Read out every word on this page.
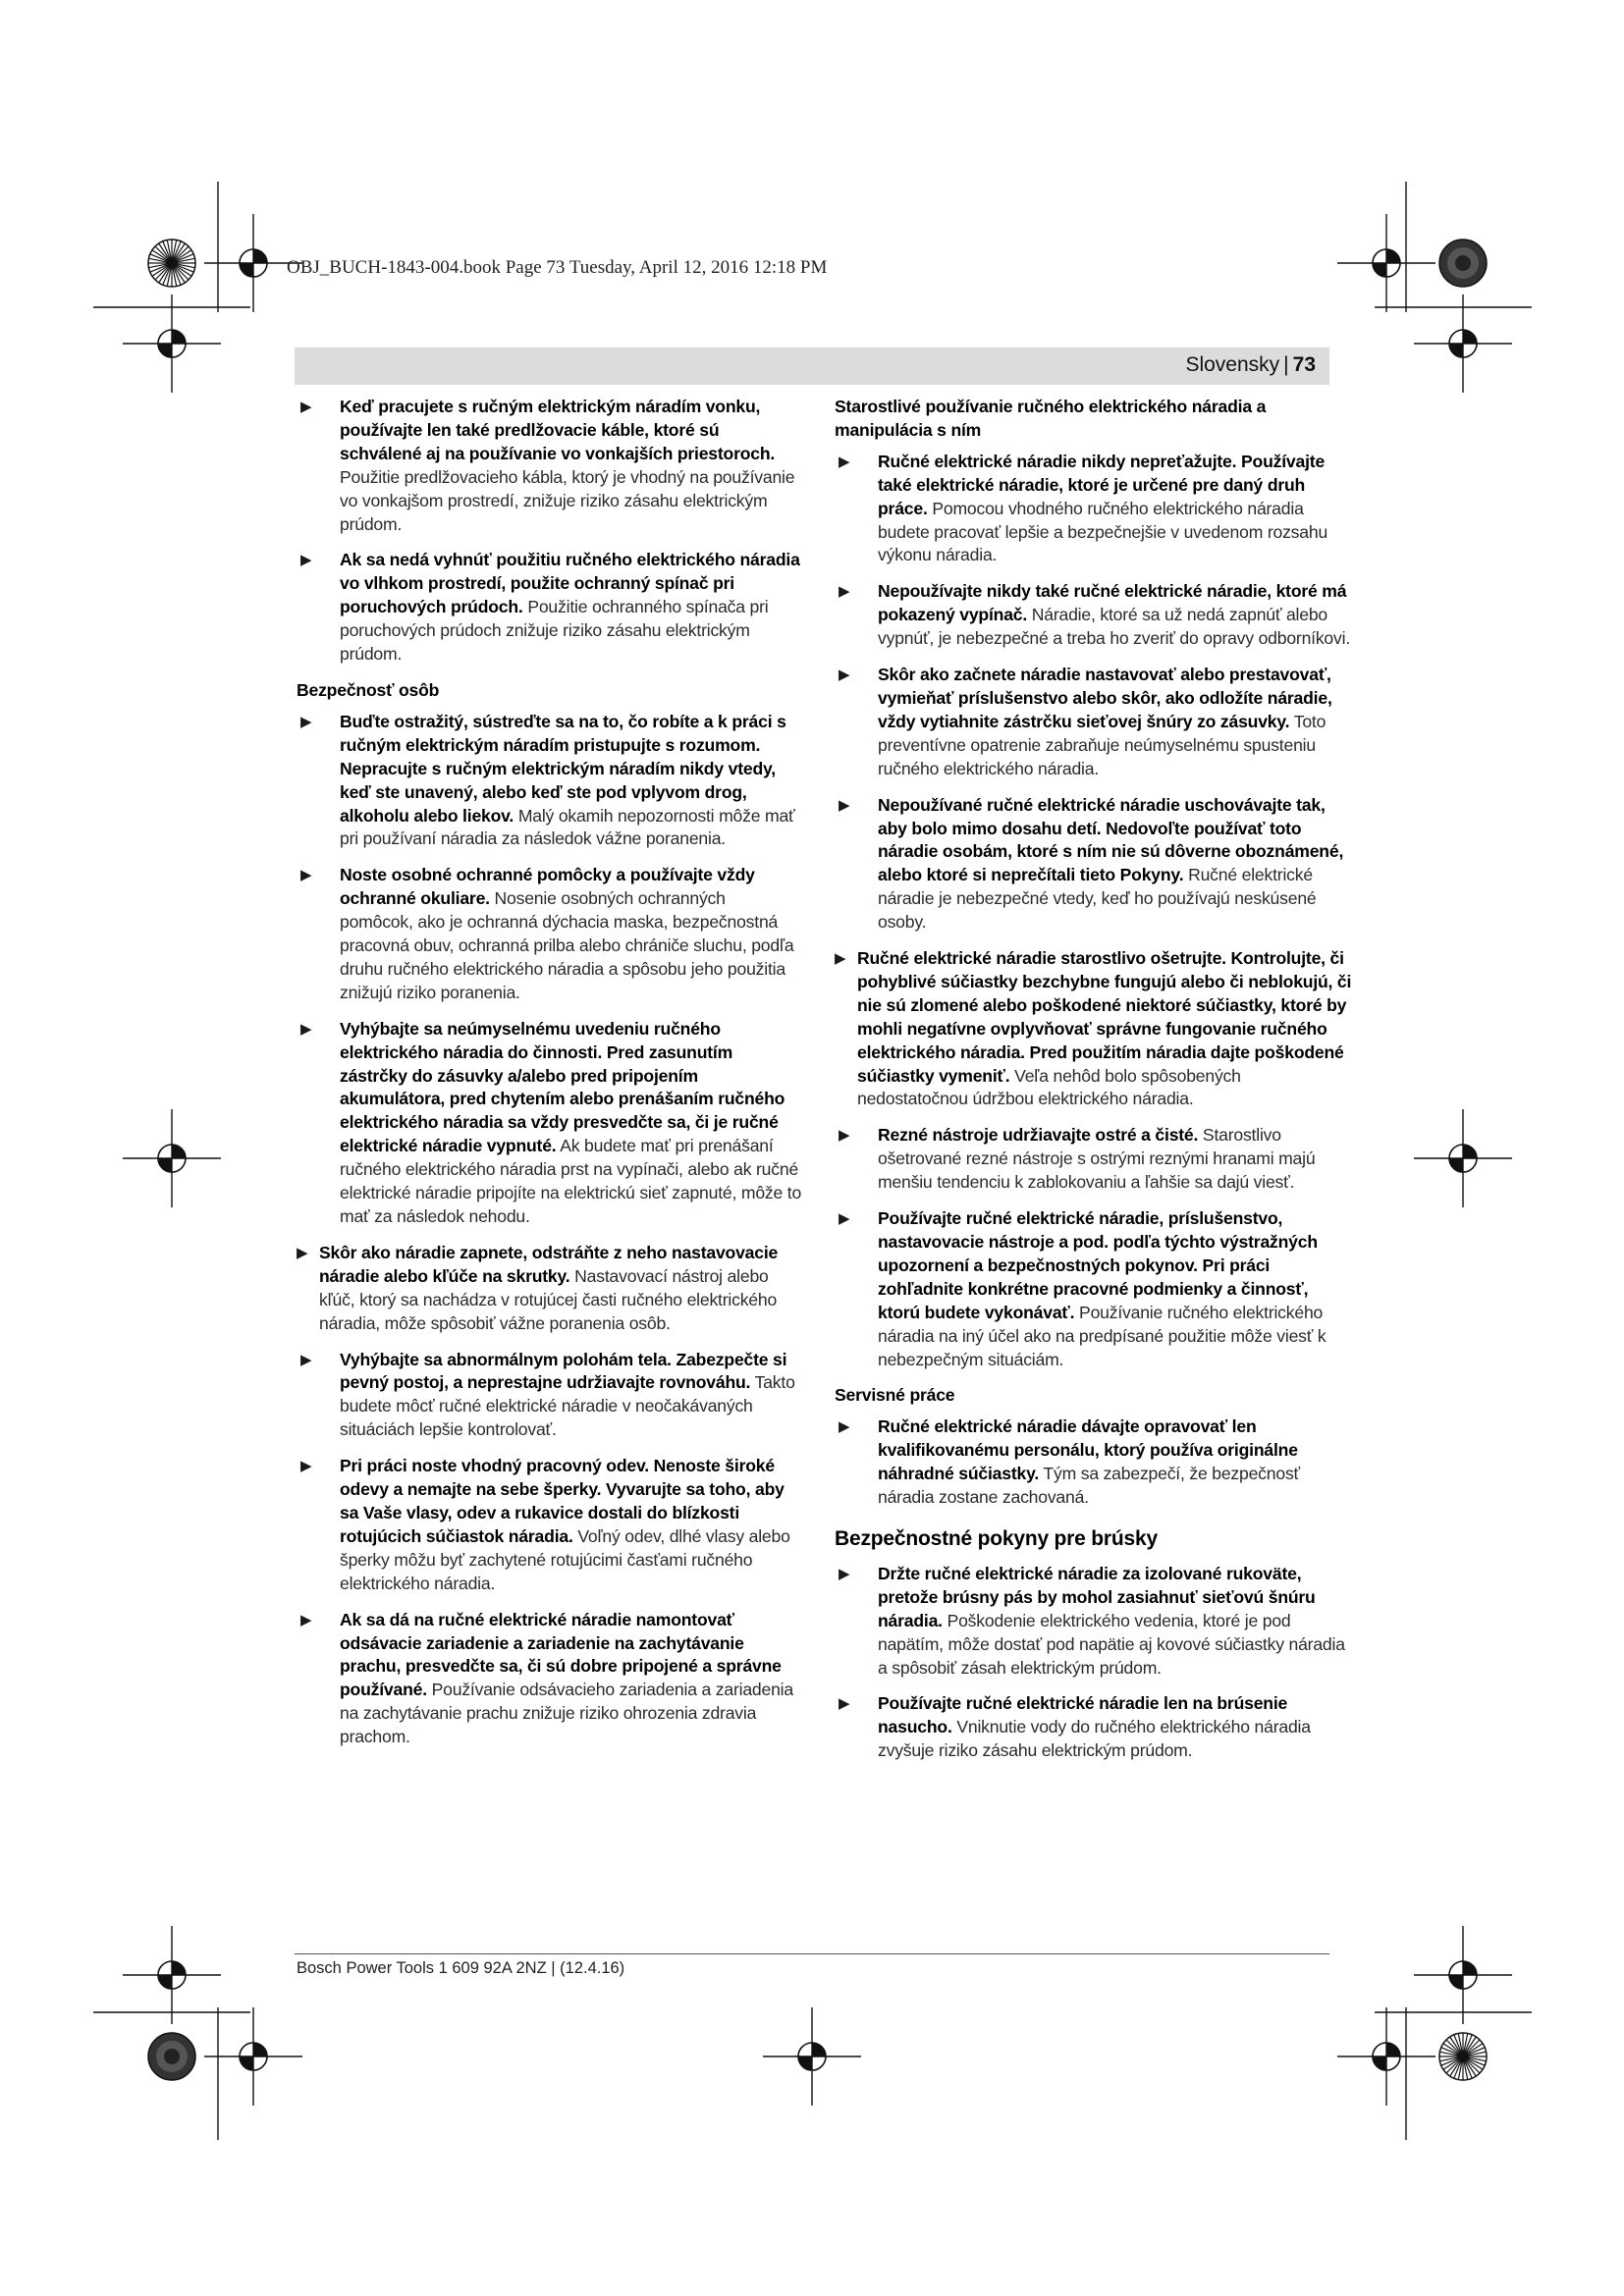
OBJ_BUCH-1843-004.book Page 73 Tuesday, April 12, 2016 12:18 PM
Slovensky | 73
▶ Keď pracujete s ručným elektrickým náradím vonku, používajte len také predlžovacie káble, ktoré sú schválené aj na používanie vo vonkajších priestoroch. Použitie predlžovacieho kábla, ktorý je vhodný na používanie vo vonkajšom prostredí, znižuje riziko zásahu elektrickým prúdom.
▶ Ak sa nedá vyhnúť použitiu ručného elektrického náradia vo vlhkom prostredí, použite ochranný spínač pri poruchových prúdoch. Použitie ochranného spínača pri poruchových prúdoch znižuje riziko zásahu elektrickým prúdom.
Bezpečnosť osôb
▶ Buďte ostražitý, sústreďte sa na to, čo robíte a k práci s ručným elektrickým náradím pristupujte s rozumom. Nepracujte s ručným elektrickým náradím nikdy vtedy, keď ste unavený, alebo keď ste pod vplyvom drog, alkoholu alebo liekov. Malý okamih nepozornosti môže mať pri používaní náradia za následok vážne poranenia.
▶ Noste osobné ochranné pomôcky a používajte vždy ochranné okuliare. Nosenie osobných ochranných pomôcok, ako je ochranná dýchacia maska, bezpečnostná pracovná obuv, ochranná prilba alebo chrániče sluchu, podľa druhu ručného elektrického náradia a spôsobu jeho použitia znižujú riziko poranenia.
▶ Vyhýbajte sa neúmyselnému uvedeniu ručného elektrického náradia do činnosti. Pred zasunutím zástrčky do zásuvky a/alebo pred pripojením akumulátora, pred chytením alebo prenášaním ručného elektrického náradia sa vždy presvedčte sa, či je ručné elektrické náradie vypnuté. Ak budete mať pri prenášaní ručného elektrického náradia prst na vypínači, alebo ak ručné elektrické náradie pripojíte na elektrickú sieť zapnuté, môže to mať za následok nehodu.
▶ Skôr ako náradie zapnete, odstráňte z neho nastavovacie náradie alebo kľúče na skrutky. Nastavovací nástroj alebo kľúč, ktorý sa nachádza v rotujúcej časti ručného elektrického náradia, môže spôsobiť vážne poranenia osôb.
▶ Vyhýbajte sa abnormálnym polohám tela. Zabezpečte si pevný postoj, a neprestajne udržiavajte rovnováhu. Takto budete môcť ručné elektrické náradie v neočakávaných situáciách lepšie kontrolovať.
▶ Pri práci noste vhodný pracovný odev. Nenoste široké odevy a nemajte na sebe šperky. Vyvarujte sa toho, aby sa Vaše vlasy, odev a rukavice dostali do blízkosti rotujúcich súčiastok náradia. Voľný odev, dlhé vlasy alebo šperky môžu byť zachytené rotujúcimi časťami ručného elektrického náradia.
▶ Ak sa dá na ručné elektrické náradie namontovať odsávacie zariadenie a zariadenie na zachytávanie prachu, presvedčte sa, či sú dobre pripojené a správne používané. Používanie odsávacieho zariadenia a zariadenia na zachytávanie prachu znižuje riziko ohrozenia zdravia prachom.
Starostlivé používanie ručného elektrického náradia a manipulácia s ním
▶ Ručné elektrické náradie nikdy nepreťažujte. Používajte také elektrické náradie, ktoré je určené pre daný druh práce. Pomocou vhodného ručného elektrického náradia budete pracovať lepšie a bezpečnejšie v uvedenom rozsahu výkonu náradia.
▶ Nepoužívajte nikdy také ručné elektrické náradie, ktoré má pokazený vypínač. Náradie, ktoré sa už nedá zapnúť alebo vypnúť, je nebezpečné a treba ho zveriť do opravy odborníkovi.
▶ Skôr ako začnete náradie nastavovať alebo prestavovať, vymieňať príslušenstvo alebo skôr, ako odložíte náradie, vždy vytiahnite zástrčku sieťovej šnúry zo zásuvky. Toto preventívne opatrenie zabraňuje neúmyselnému spusteniu ručného elektrického náradia.
▶ Nepoužívané ručné elektrické náradie uschovávajte tak, aby bolo mimo dosahu detí. Nedovoľte používať toto náradie osobám, ktoré s ním nie sú dôverne oboznámené, alebo ktoré si neprečítali tieto Pokyny. Ručné elektrické náradie je nebezpečné vtedy, keď ho používajú neskúsené osoby.
▶ Ručné elektrické náradie starostlivo ošetrujte. Kontrolujte, či pohyblivé súčiastky bezchybne fungujú alebo či neblokujú, či nie sú zlomené alebo poškodené niektoré súčiastky, ktoré by mohli negatívne ovplyvňovať správne fungovanie ručného elektrického náradia. Pred použitím náradia dajte poškodené súčiastky vymeniť. Veľa nehôd bolo spôsobených nedostatočnou údržbou elektrického náradia.
▶ Rezné nástroje udržiavajte ostré a čisté. Starostlivo ošetrované rezné nástroje s ostrými reznými hranami majú menšiu tendenciu k zablokovaniu a ľahšie sa dajú viesť.
▶ Používajte ručné elektrické náradie, príslušenstvo, nastavovacie nástroje a pod. podľa týchto výstražných upozornení a bezpečnostných pokynov. Pri práci zohľadnite konkrétne pracovné podmienky a činnosť, ktorú budete vykonávať. Používanie ručného elektrického náradia na iný účel ako na predpísané použitie môže viesť k nebezpečným situáciám.
Servisné práce
▶ Ručné elektrické náradie dávajte opravovať len kvalifikovanému personálu, ktorý používa originálne náhradné súčiastky. Tým sa zabezpečí, že bezpečnosť náradia zostane zachovaná.
Bezpečnostné pokyny pre brúsky
▶ Držte ručné elektrické náradie za izolované rukoväte, pretože brúsny pás by mohol zasiahnuť sieťovú šnúru náradia. Poškodenie elektrického vedenia, ktoré je pod napätím, môže dostať pod napätie aj kovové súčiastky náradia a spôsobiť zásah elektrickým prúdom.
▶ Používajte ručné elektrické náradie len na brúsenie nasucho. Vniknutie vody do ručného elektrického náradia zvyšuje riziko zásahu elektrickým prúdom.
Bosch Power Tools 1 609 92A 2NZ | (12.4.16)
